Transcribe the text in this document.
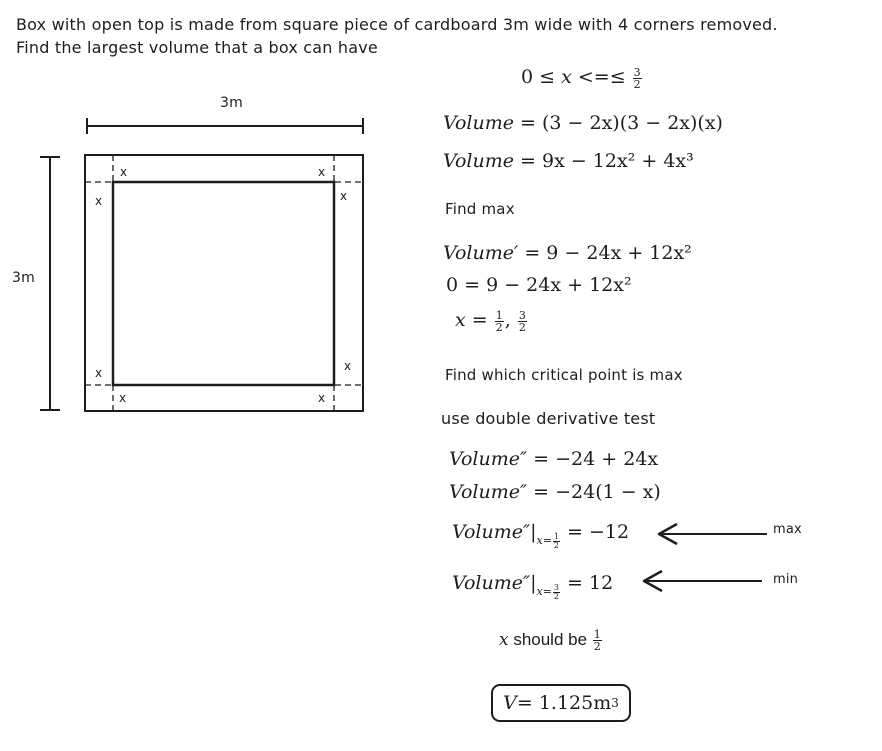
Box with open top is made from square piece of cardboard 3m wide with 4 corners removed.
Find the largest volume that a box can have
x	x
x	x
x	x
x	x
3m
3m
0 ≤ x <=≤ $\frac{3}{2}$
Volume = (3 − 2x)(3 − 2x)(x)
Volume = 9x − 12x² + 4x³
Find max
Volume′ = 9 − 24x + 12x²
0 = 9 − 24x + 12x²
$x = \frac{1}{2}$ , $\frac{3}{2}$
Find which critical point is max
use double derivative test
Volume″ = −24 + 24x
Volume″ = −24(1 − x)
$Volume''|_{x= \frac{1}{2}} = -12$	max
$Volume''|_{x= \frac{3}{2}} = 12$	min
x should be $\frac{1}{2}$
V = 1.125m 3
